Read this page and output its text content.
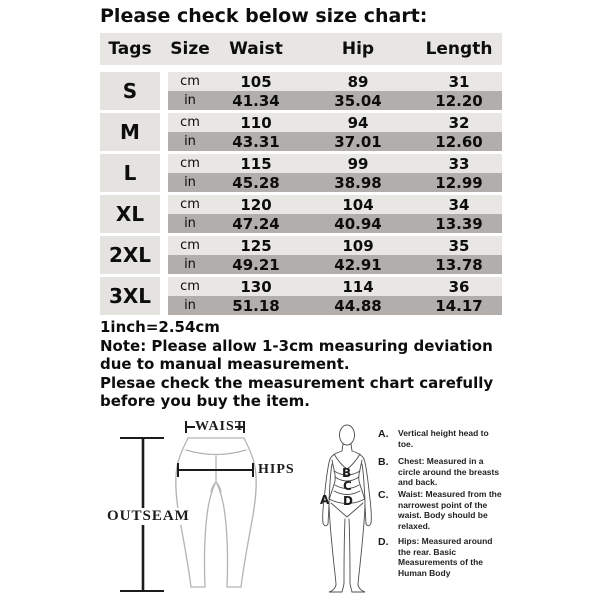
Please check below size chart:
Tags	Size	Waist	Hip	Length
S	cm	105	89	31
in	41.34	35.04	12.20
M	cm	110	94	32
in	43.31	37.01	12.60
L	cm	115	99	33
in	45.28	38.98	12.99
XL	cm	120	104	34
in	47.24	40.94	13.39
2XL	cm	125	109	35
in	49.21	42.91	13.78
3XL	cm	130	114	36
in	51.18	44.88	14.17

1inch=2.54cm

Note: Please allow 1-3cm measuring deviation due to manual measurement.

Plesae check the measurement chart carefully before you buy the item.

WAIST
HIPS
OUTSEAM
A
B
C
D
A. Vertical height head to toe.
B. Chest: Measured in a circle around the breasts and back.
C. Waist: Measured from the narrowest point of the waist. Body should be relaxed.
D. Hips: Measured around the rear. Basic Measurements of the Human Body
